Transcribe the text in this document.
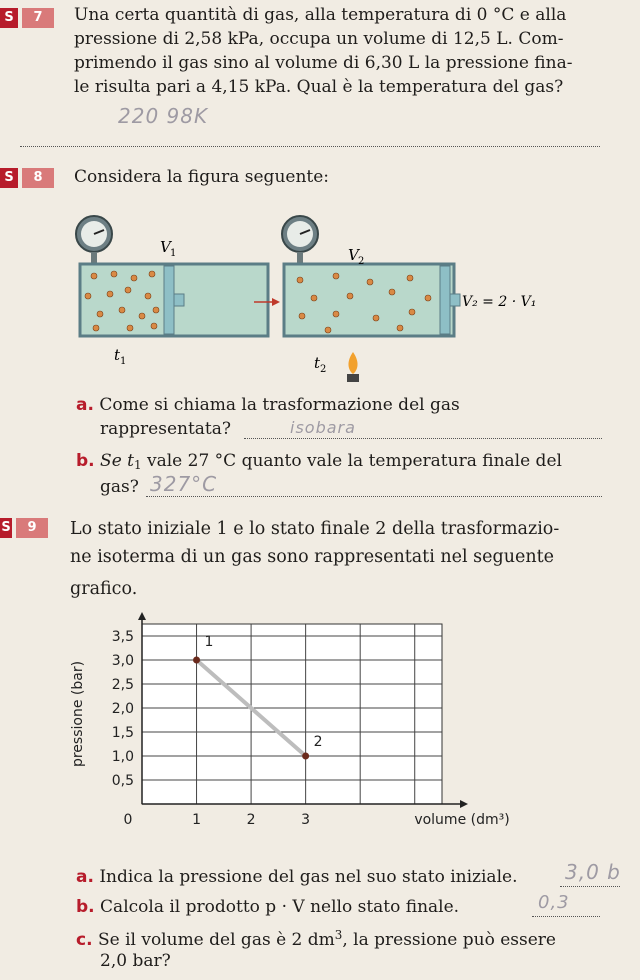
S	7	Una certa quantità di gas, alla temperatura di 0 °C e alla
pressione di 2,58 kPa, occupa un volume di 12,5 L. Com-
primendo il gas sino al volume di 6,30 L la pressione fina-
le risulta pari a 4,15 kPa. Qual è la temperatura del gas?
220 98K
S	8	Considera la figura seguente:
V 1	V 2
t 1	t 2
V₂ = 2 · V₁
a. Come si chiama la trasformazione del gas
rappresentata?	isobara
b. Se $t_1$ vale 27 °C quanto vale la temperatura finale del
gas? 327°C
S	9	Lo stato iniziale 1 e lo stato finale 2 della trasformazio-
ne isoterma di un gas sono rappresentati nel seguente
grafico.
0,5
1,0
1,5
2,0
2,5
3,0
3,5
0	1	2	3	volume (dm³)
pressione (bar)
1
2
a. Indica la pressione del gas nel suo stato iniziale. 3,0 b
b. Calcola il prodotto p · V nello stato finale.	0,3
c. Se il volume del gas è 2 $dm^3$, la pressione può essere
2,0 bar?
